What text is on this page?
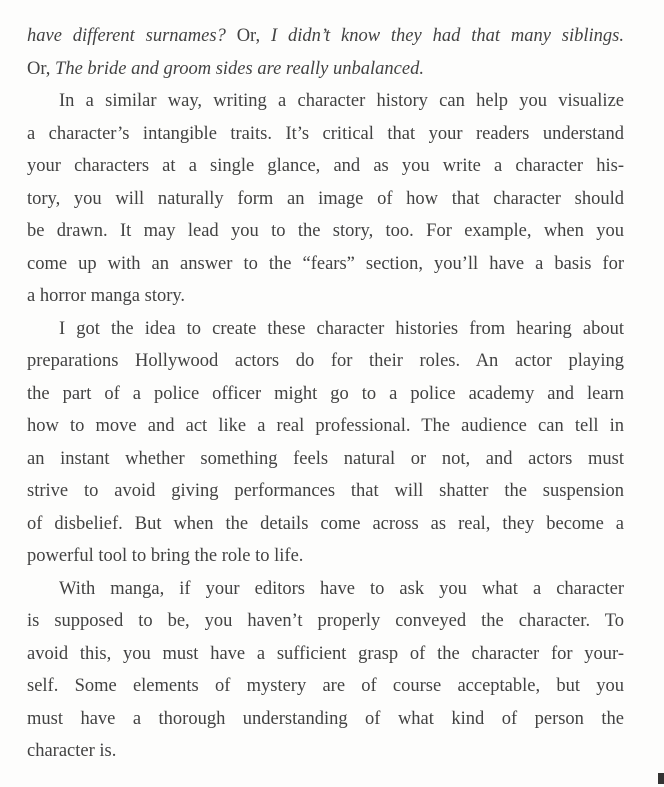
have different surnames? Or, I didn’t know they had that many siblings.
Or, The bride and groom sides are really unbalanced.
In a similar way, writing a character history can help you visualize
a character’s intangible traits. It’s critical that your readers understand
your characters at a single glance, and as you write a character his-
tory, you will naturally form an image of how that character should
be drawn. It may lead you to the story, too. For example, when you
come up with an answer to the “fears” section, you’ll have a basis for
a horror manga story.
I got the idea to create these character histories from hearing about
preparations Hollywood actors do for their roles. An actor playing
the part of a police officer might go to a police academy and learn
how to move and act like a real professional. The audience can tell in
an instant whether something feels natural or not, and actors must
strive to avoid giving performances that will shatter the suspension
of disbelief. But when the details come across as real, they become a
powerful tool to bring the role to life.
With manga, if your editors have to ask you what a character
is supposed to be, you haven’t properly conveyed the character. To
avoid this, you must have a sufficient grasp of the character for your-
self. Some elements of mystery are of course acceptable, but you
must have a thorough understanding of what kind of person the
character is.
